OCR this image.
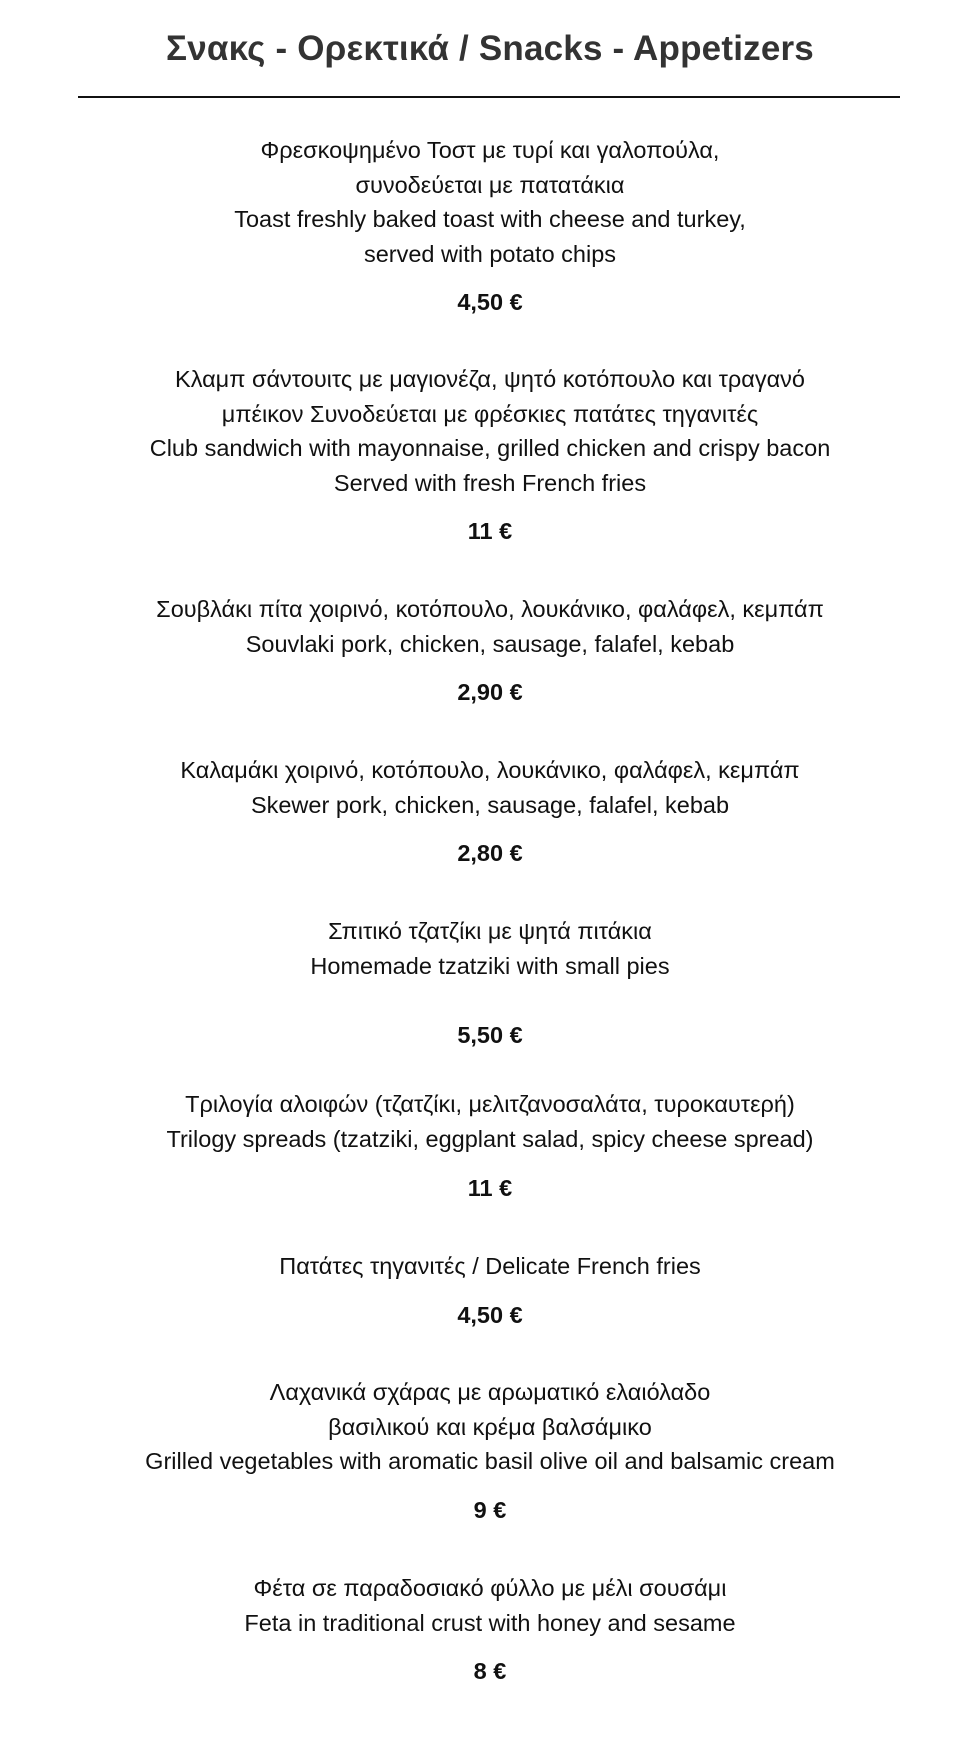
Σνακς - Ορεκτικά / Snacks - Appetizers
Φρεσκοψημένο Τοστ με τυρί και γαλοπούλα,
συνοδεύεται με πατατάκια
Toast freshly baked toast with cheese and turkey,
served with potato chips
4,50 €
Κλαμπ σάντουιτς με μαγιονέζα, ψητό κοτόπουλο και τραγανό
μπέικον Συνοδεύεται με φρέσκιες πατάτες τηγανιτές
Club sandwich with mayonnaise, grilled chicken and crispy bacon
Served with fresh French fries
11 €
Σουβλάκι πίτα χοιρινό, κοτόπουλο, λουκάνικο, φαλάφελ, κεμπάπ
Souvlaki pork, chicken, sausage, falafel, kebab
2,90 €
Καλαμάκι χοιρινό, κοτόπουλο, λουκάνικο, φαλάφελ, κεμπάπ
Skewer pork, chicken, sausage, falafel, kebab
2,80 €
Σπιτικό τζατζίκι με ψητά πιτάκια
Homemade tzatziki with small pies
5,50 €
Τριλογία αλοιφών (τζατζίκι, μελιτζανοσαλάτα, τυροκαυτερή)
Trilogy spreads (tzatziki, eggplant salad, spicy cheese spread)
11 €
Πατάτες τηγανιτές / Delicate French fries
4,50 €
Λαχανικά σχάρας με αρωματικό ελαιόλαδο
βασιλικού και κρέμα βαλσάμικο
Grilled vegetables with aromatic basil olive oil and balsamic cream
9 €
Φέτα σε παραδοσιακό φύλλο με μέλι σουσάμι
Feta in traditional crust with honey and sesame
8 €
